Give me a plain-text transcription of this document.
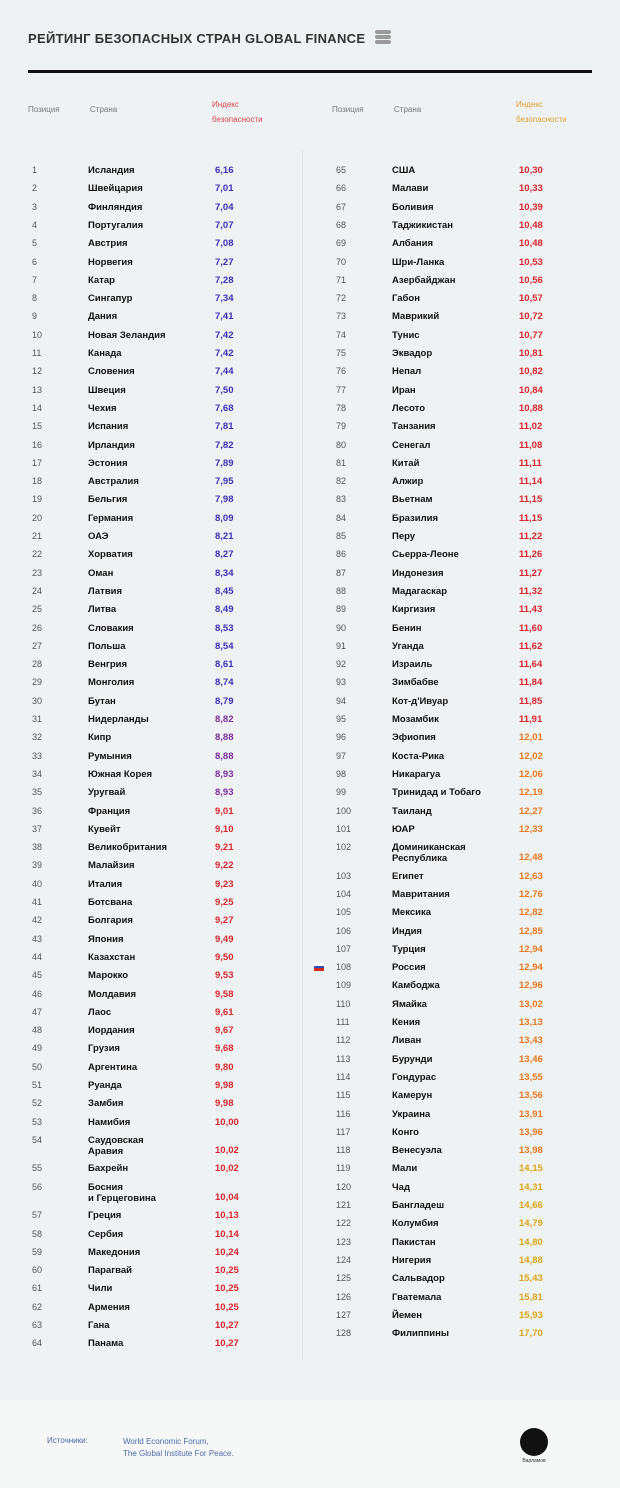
РЕЙТИНГ БЕЗОПАСНЫХ СТРАН GLOBAL FINANCE
Позиция	Страна
Индекс
безопасности
1	Исландия	6,16
2	Швейцария	7,01
3	Финляндия	7,04
4	Португалия	7,07
5	Австрия	7,08
6	Норвегия	7,27
7	Катар	7,28
8	Сингапур	7,34
9	Дания	7,41
10	Новая Зеландия	7,42
11	Канада	7,42
12	Словения	7,44
13	Швеция	7,50
14	Чехия	7,68
15	Испания	7,81
16	Ирландия	7,82
17	Эстония	7,89
18	Австралия	7,95
19	Бельгия	7,98
20	Германия	8,09
21	ОАЭ	8,21
22	Хорватия	8,27
23	Оман	8,34
24	Латвия	8,45
25	Литва	8,49
26	Словакия	8,53
27	Польша	8,54
28	Венгрия	8,61
29	Монголия	8,74
30	Бутан	8,79
31	Нидерланды	8,82
32	Кипр	8,88
33	Румыния	8,88
34	Южная Корея	8,93
35	Уругвай	8,93
36	Франция	9,01
37	Кувейт	9,10
38	Великобритания	9,21
39	Малайзия	9,22
40	Италия	9,23
41	Ботсвана	9,25
42	Болгария	9,27
43	Япония	9,49
44	Казахстан	9,50
45	Марокко	9,53
46	Молдавия	9,58
47	Лаос	9,61
48	Иордания	9,67
49	Грузия	9,68
50	Аргентина	9,80
51	Руанда	9,98
52	Замбия	9,98
53	Намибия	10,00
54	Саудовская
Аравия	10,02
55	Бахрейн	10,02
56	Босния
и Герцеговина	10,04
57	Греция	10,13
58	Сербия	10,14
59	Македония	10,24
60	Парагвай	10,25
61	Чили	10,25
62	Армения	10,25
63	Гана	10,27
64	Панама	10,27
Позиция	Страна
Индекс
безопасности
65	США	10,30
66	Малави	10,33
67	Боливия	10,39
68	Таджикистан	10,48
69	Албания	10,48
70	Шри-Ланка	10,53
71	Азербайджан	10,56
72	Габон	10,57
73	Маврикий	10,72
74	Тунис	10,77
75	Эквадор	10,81
76	Непал	10,82
77	Иран	10,84
78	Лесото	10,88
79	Танзания	11,02
80	Сенегал	11,08
81	Китай	11,11
82	Алжир	11,14
83	Вьетнам	11,15
84	Бразилия	11,15
85	Перу	11,22
86	Сьерра-Леоне	11,26
87	Индонезия	11,27
88	Мадагаскар	11,32
89	Киргизия	11,43
90	Бенин	11,60
91	Уганда	11,62
92	Израиль	11,64
93	Зимбабве	11,84
94	Кот-д'Ивуар	11,85
95	Мозамбик	11,91
96	Эфиопия	12,01
97	Коста-Рика	12,02
98	Никарагуа	12,06
99	Тринидад и Тобаго	12,19
100	Таиланд	12,27
101	ЮАР	12,33
102	Доминиканская
Республика	12,48
103	Египет	12,63
104	Мавритания	12,76
105	Мексика	12,82
106	Индия	12,85
107	Турция	12,94
108	Россия	12,94
109	Камбоджа	12,96
110	Ямайка	13,02
111	Кения	13,13
112	Ливан	13,43
113	Бурунди	13,46
114	Гондурас	13,55
115	Камерун	13,56
116	Украина	13,91
117	Конго	13,96
118	Венесуэла	13,98
119	Мали	14,15
120	Чад	14,31
121	Бангладеш	14,66
122	Колумбия	14,79
123	Пакистан	14,80
124	Нигерия	14,88
125	Сальвадор	15,43
126	Гватемала	15,81
127	Йемен	15,93
128	Филиппины	17,70
Источники:	World Economic Forum,
The Global Institute For Peace.
Варламов
